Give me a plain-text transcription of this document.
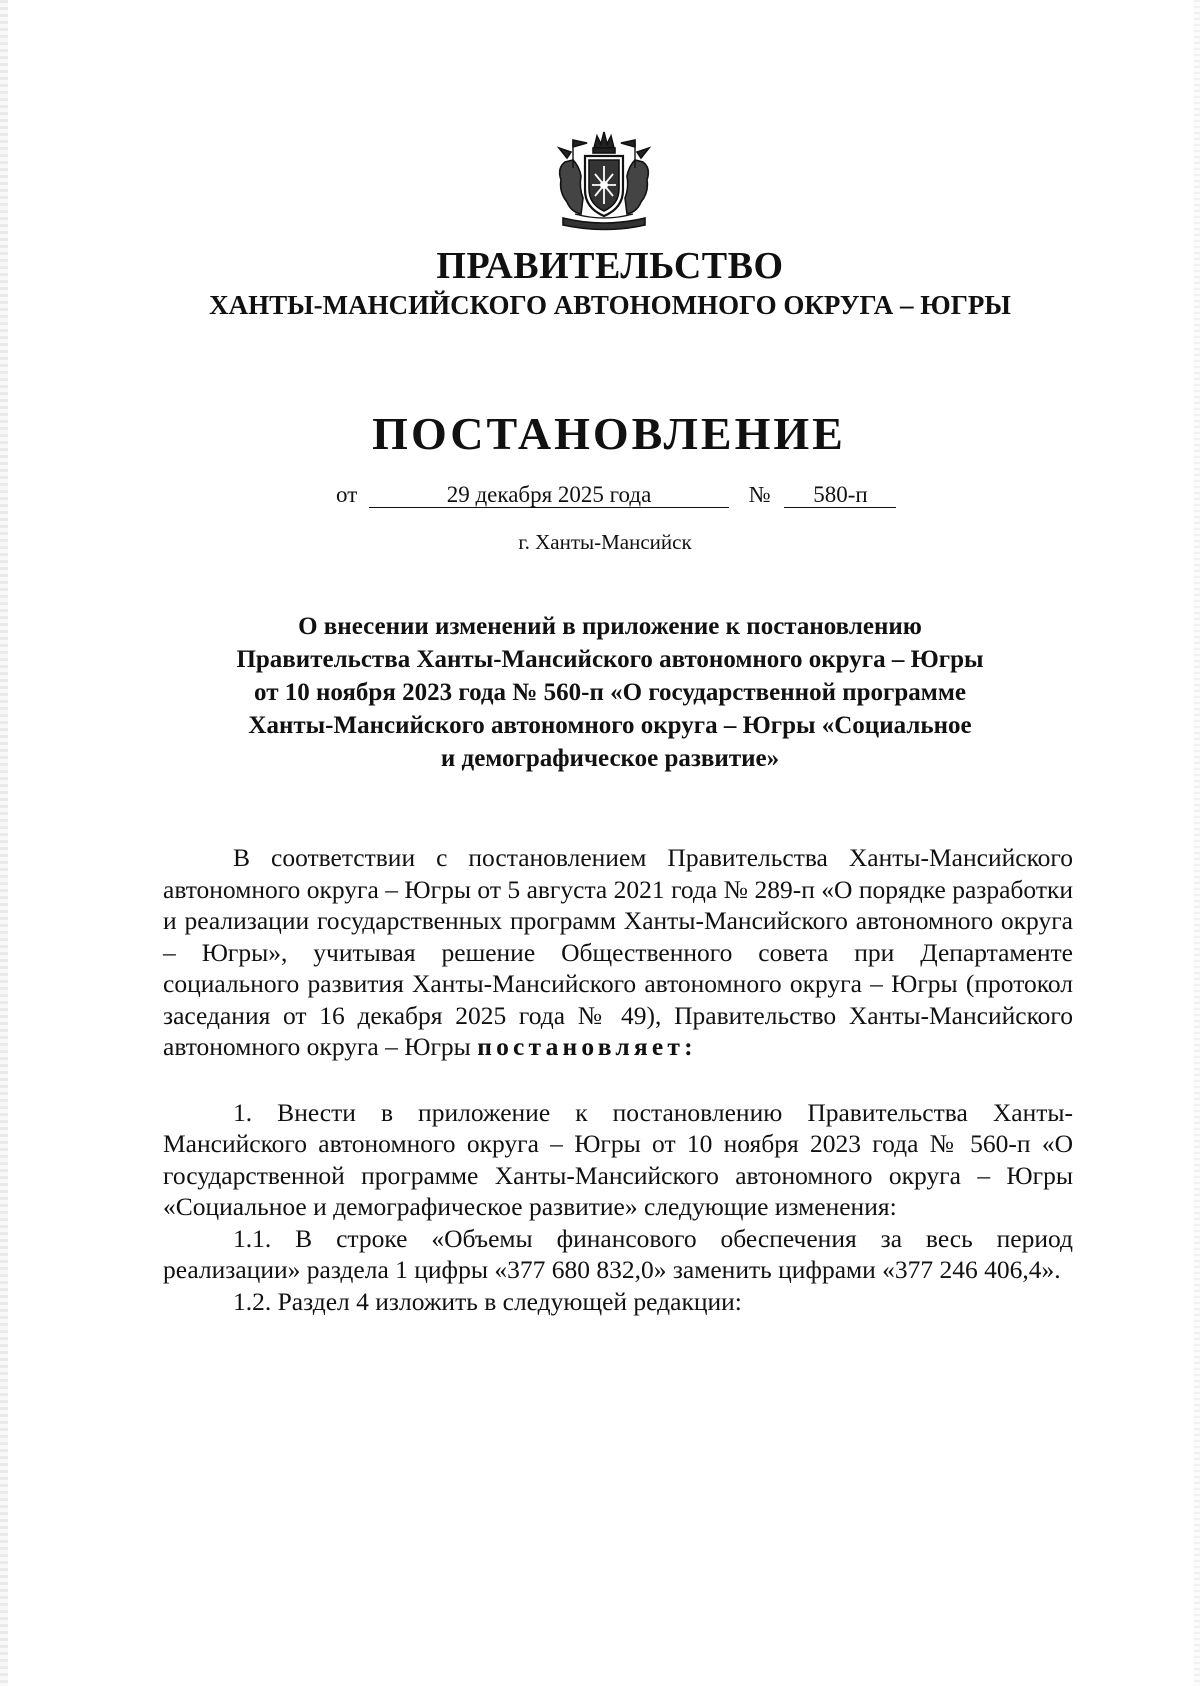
ПРАВИТЕЛЬСТВО
ХАНТЫ-МАНСИЙСКОГО АВТОНОМНОГО ОКРУГА – ЮГРЫ
ПОСТАНОВЛЕНИЕ
от	29 декабря 2025 года	№ 580-п
г. Ханты-Мансийск
О внесении изменений в приложение к постановлению
Правительства Ханты-Мансийского автономного округа – Югры
от 10 ноября 2023 года № 560-п «О государственной программе
Ханты-Мансийского автономного округа – Югры «Социальное
и демографическое развитие»
В соответствии с постановлением Правительства Ханты-Мансийского автономного округа – Югры от 5 августа 2021 года № 289-п «О порядке разработки и реализации государственных программ Ханты-Мансийского автономного округа – Югры», учитывая решение Общественного совета при Департаменте социального развития Ханты-Мансийского автономного округа – Югры (протокол заседания от 16 декабря 2025 года № 49), Правительство Ханты-Мансийского автономного округа – Югры постановляет:
1. Внести в приложение к постановлению Правительства Ханты-Мансийского автономного округа – Югры от 10 ноября 2023 года № 560-п «О государственной программе Ханты-Мансийского автономного округа – Югры «Социальное и демографическое развитие» следующие изменения:
1.1. В строке «Объемы финансового обеспечения за весь период реализации» раздела 1 цифры «377 680 832,0» заменить цифрами «377 246 406,4».
1.2. Раздел 4 изложить в следующей редакции:
